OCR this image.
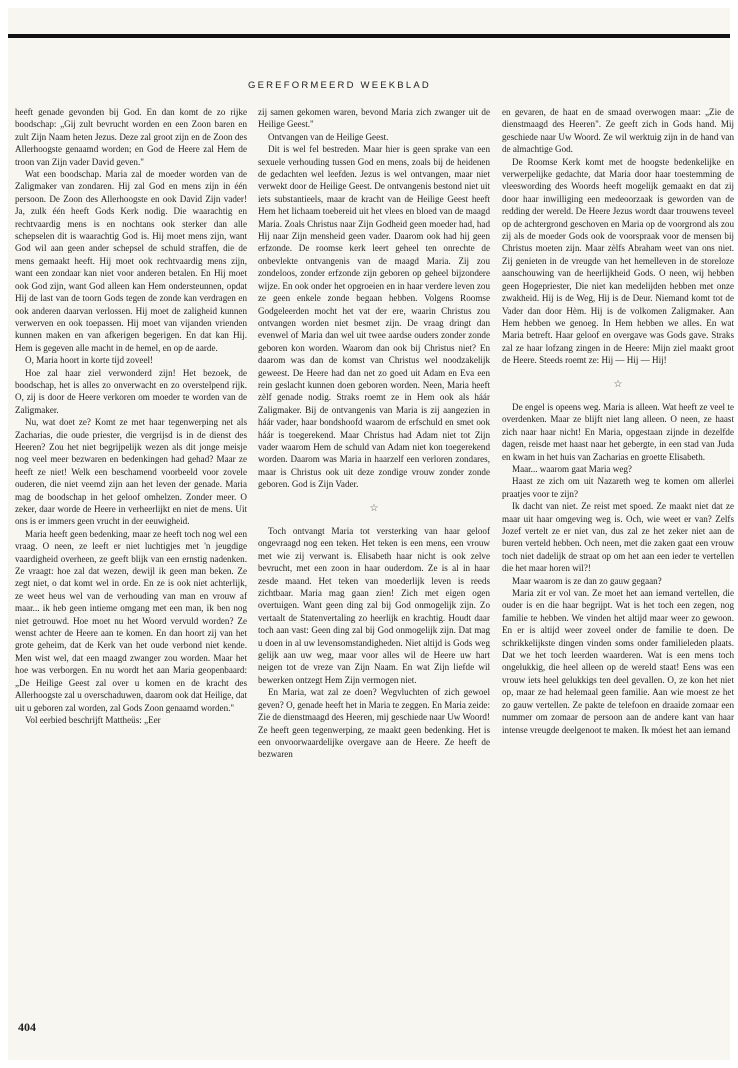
GEREFORMEERD WEEKBLAD

heeft genade gevonden bij God. En dan komt de zo rijke boodschap: „Gij zult bevrucht worden en een Zoon baren en zult Zijn Naam heten Jezus. Deze zal groot zijn en de Zoon des Allerhoogste genaamd worden; en God de Heere zal Hem de troon van Zijn vader David geven."

Wat een boodschap. Maria zal de moeder worden van de Zaligmaker van zondaren. Hij zal God en mens zijn in één persoon. De Zoon des Allerhoogste en ook David Zijn vader! Ja, zulk één heeft Gods Kerk nodig. Die waarachtig en rechtvaardig mens is en nochtans ook sterker dan alle schepselen dit is waarachtig God is. Hij moet mens zijn, want God wil aan geen ander schepsel de schuld straffen, die de mens gemaakt heeft. Hij moet ook rechtvaardig mens zijn, want een zondaar kan niet voor anderen betalen. En Hij moet ook God zijn, want God alleen kan Hem ondersteunnen, opdat Hij de last van de toorn Gods tegen de zonde kan verdragen en ook anderen daarvan verlossen. Hij moet de zaligheid kunnen verwerven en ook toepassen. Hij moet van vijanden vrienden kunnen maken en van afkerigen begerigen. En dat kan Hij. Hem is gegeven alle macht in de hemel, en op de aarde.

O, Maria hoort in korte tijd zoveel!

Hoe zal haar ziel verwonderd zijn! Het bezoek, de boodschap, het is alles zo onverwacht en zo overstelpend rijk. O, zij is door de Heere verkoren om moeder te worden van de Zaligmaker.

Nu, wat doet ze? Komt ze met haar tegenwerping net als Zacharias, die oude priester, die vergrijsd is in de dienst des Heeren? Zou het niet begrijpelijk wezen als dit jonge meisje nog veel meer bezwaren en bedenkingen had gehad? Maar ze heeft ze niet! Welk een beschamend voorbeeld voor zovele ouderen, die niet veemd zijn aan het leven der genade. Maria mag de boodschap in het geloof omhelzen. Zonder meer. O zeker, daar worde de Heere in verheerlijkt en niet de mens. Uit ons is er immers geen vrucht in der eeuwigheid.

Maria heeft geen bedenking, maar ze heeft toch nog wel een vraag. O neen, ze leeft er niet luchtigjes met 'n jeugdige vaardigheid overheen, ze geeft blijk van een ernstig nadenken. Ze vraagt: hoe zal dat wezen, dewijl ik geen man beken. Ze zegt niet, o dat komt wel in orde. En ze is ook niet achterlijk, ze weet heus wel van de verhouding van man en vrouw af maar... ik heb geen intieme omgang met een man, ik ben nog niet getrouwd. Hoe moet nu het Woord vervuld worden? Ze wenst achter de Heere aan te komen. En dan hoort zij van het grote geheim, dat de Kerk van het oude verbond niet kende. Men wist wel, dat een maagd zwanger zou worden. Maar het hoe was verborgen. En nu wordt het aan Maria geopenbaard: „De Heilige Geest zal over u komen en de kracht des Allerhoogste zal u overschaduwen, daarom ook dat Heilige, dat uit u geboren zal worden, zal Gods Zoon genaamd worden."

Vol eerbied beschrijft Mattheüs: „Eer

zij samen gekomen waren, bevond Maria zich zwanger uit de Heilige Geest."

Ontvangen van de Heilige Geest.

Dit is wel fel bestreden. Maar hier is geen sprake van een sexuele verhouding tussen God en mens, zoals bij de heidenen de gedachten wel leefden. Jezus is wel ontvangen, maar niet verwekt door de Heilige Geest. De ontvangenis bestond niet uit iets substantieels, maar de kracht van de Heilige Geest heeft Hem het lichaam toebereid uit het vlees en bloed van de maagd Maria. Zoals Christus naar Zijn Godheid geen moeder had, had Hij naar Zijn mensheid geen vader. Daarom ook had hij geen erfzonde. De roomse kerk leert geheel ten onrechte de onbevlekte ontvangenis van de maagd Maria. Zij zou zondeloos, zonder erfzonde zijn geboren op geheel bijzondere wijze. En ook onder het opgroeien en in haar verdere leven zou ze geen enkele zonde begaan hebben. Volgens Roomse Godgeleerden mocht het vat der ere, waarin Christus zou ontvangen worden niet besmet zijn. De vraag dringt dan evenwel of Maria dan wel uit twee aardse ouders zonder zonde geboren kon worden. Waarom dan ook bij Christus niet? En daarom was dan de komst van Christus wel noodzakelijk geweest. De Heere had dan net zo goed uit Adam en Eva een rein geslacht kunnen doen geboren worden. Neen, Maria heeft zèlf genade nodig. Straks roemt ze in Hem ook als háár Zaligmaker. Bij de ontvangenis van Maria is zij aangezien in háár vader, haar bondshoofd waarom de erfschuld en smet ook háár is toegerekend. Maar Christus had Adam niet tot Zijn vader waarom Hem de schuld van Adam niet kon toegerekend worden. Daarom was Maria in haarzelf een verloren zondares, maar is Christus ook uit deze zondige vrouw zonder zonde geboren. God is Zijn Vader.

☆

Toch ontvangt Maria tot versterking van haar geloof ongevraagd nog een teken. Het teken is een mens, een vrouw met wie zij verwant is. Elisabeth haar nicht is ook zelve bevrucht, met een zoon in haar ouderdom. Ze is al in haar zesde maand. Het teken van moederlijk leven is reeds zichtbaar. Maria mag gaan zien! Zich met eigen ogen overtuigen. Want geen ding zal bij God onmogelijk zijn. Zo vertaalt de Statenvertaling zo heerlijk en krachtig. Houdt daar toch aan vast: Geen ding zal bij God onmogelijk zijn. Dat mag u doen in al uw levensomstandigheden. Niet altijd is Gods weg gelijk aan uw weg, maar voor alles wil de Heere uw hart neigen tot de vreze van Zijn Naam. En wat Zijn liefde wil bewerken ontzegt Hem Zijn vermogen niet.

En Maria, wat zal ze doen? Wegvluchten of zich gewoel geven? O, genade heeft het in Maria te zeggen. En Maria zeide: Zie de dienstmaagd des Heeren, mij geschiede naar Uw Woord! Ze heeft geen tegenwerping, ze maakt geen bedenking. Het is een onvoorwaardelijke overgave aan de Heere. Ze heeft de bezwaren

en gevaren, de haat en de smaad overwogen maar: „Zie de dienstmaagd des Heeren". Ze geeft zich in Gods hand. Mij geschiede naar Uw Woord. Ze wil werktuig zijn in de hand van de almachtige God.

De Roomse Kerk komt met de hoogste bedenkelijke en verwerpelijke gedachte, dat Maria door haar toestemming de vleeswording des Woords heeft mogelijk gemaakt en dat zij door haar inwilliging een medeoorzaak is geworden van de redding der wereld. De Heere Jezus wordt daar trouwens teveel op de achtergrond geschoven en Maria op de voorgrond als zou zij als de moeder Gods ook de voorspraak voor de mensen bij Christus moeten zijn. Maar zèlfs Abraham weet van ons niet. Zij genieten in de vreugde van het hemelleven in de storeloze aanschouwing van de heerlijkheid Gods. O neen, wij hebben geen Hogepriester, Die niet kan medelijden hebben met onze zwakheid. Hij is de Weg, Hij is de Deur. Niemand komt tot de Vader dan door Hèm. Hij is de volkomen Zaligmaker. Aan Hem hebben we genoeg. In Hem hebben we alles. En wat Maria betreft. Haar geloof en overgave was Gods gave. Straks zal ze haar lofzang zingen in de Heere: Mijn ziel maakt groot de Heere. Steeds roemt ze: Hij — Hij — Hij!

☆

De engel is opeens weg. Maria is alleen. Wat heeft ze veel te overdenken. Maar ze blijft niet lang alleen. O neen, ze haast zich naar haar nicht! En Maria, opgestaan zijnde in dezelfde dagen, reisde met haast naar het gebergte, in een stad van Juda en kwam in het huis van Zacharias en groette Elisabeth.

Maar... waarom gaat Maria weg?

Haast ze zich om uit Nazareth weg te komen om allerlei praatjes voor te zijn?

Ik dacht van niet. Ze reist met spoed. Ze maakt niet dat ze maar uit haar omgeving weg is. Och, wie weet er van? Zelfs Jozef vertelt ze er niet van, dus zal ze het zeker niet aan de buren verteld hebben. Och neen, met die zaken gaat een vrouw toch niet dadelijk de straat op om het aan een ieder te vertellen die het maar horen wil?!

Maar waarom is ze dan zo gauw gegaan?

Maria zit er vol van. Ze moet het aan iemand vertellen, die ouder is en die haar begrijpt. Wat is het toch een zegen, nog familie te hebben. We vinden het altijd maar weer zo gewoon. En er is altijd weer zoveel onder de familie te doen. De schrikkelijkste dingen vinden soms onder familieleden plaats. Dat we het toch leerden waarderen. Wat is een mens toch ongelukkig, die heel alleen op de wereld staat! Eens was een vrouw iets heel gelukkigs ten deel gevallen. O, ze kon het niet op, maar ze had helemaal geen familie. Aan wie moest ze het zo gauw vertellen. Ze pakte de telefoon en draaide zomaar een nummer om zomaar de persoon aan de andere kant van haar intense vreugde deelgenoot te maken. Ik móest het aan iemand

404
